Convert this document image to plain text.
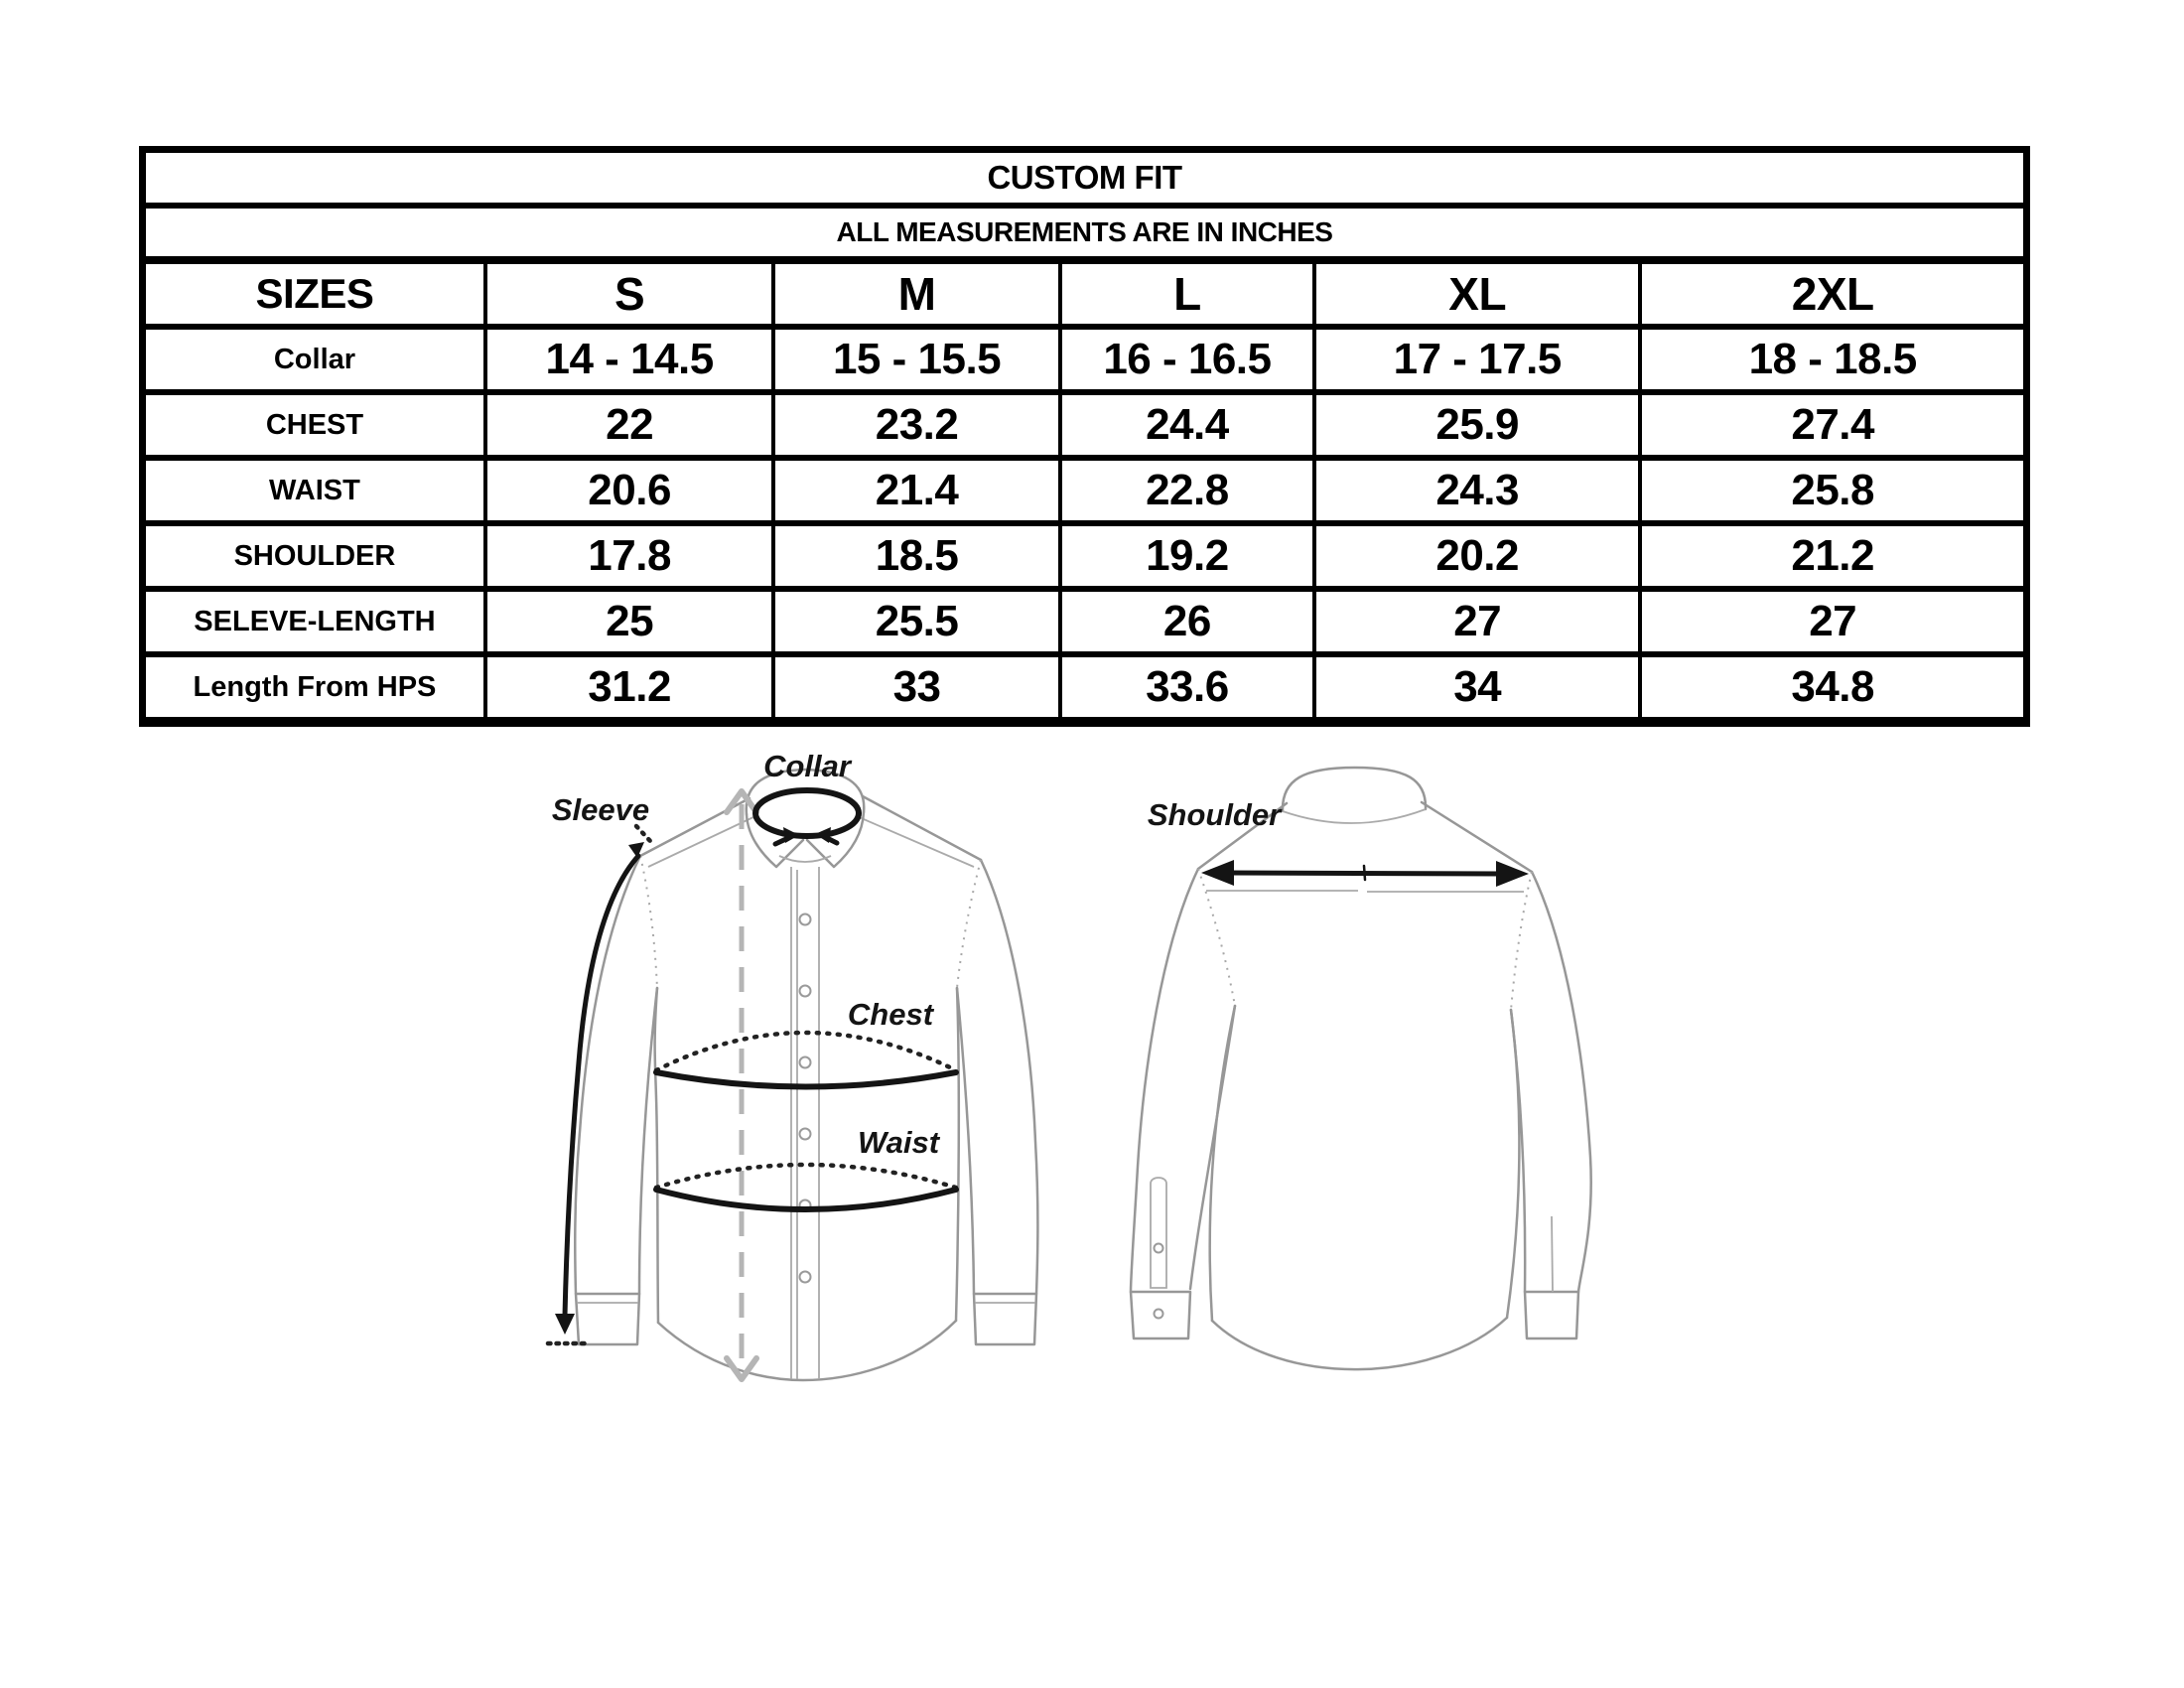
CUSTOM FIT					
ALL MEASUREMENTS ARE IN INCHES					
SIZES	S	M	L	XL	2XL
Collar	14 - 14.5	15 - 15.5	16 - 16.5	17 - 17.5	18 - 18.5
CHEST	22	23.2	24.4	25.9	27.4
WAIST	20.6	21.4	22.8	24.3	25.8
SHOULDER	17.8	18.5	19.2	20.2	21.2
SELEVE-LENGTH	25	25.5	26	27	27
Length From HPS	31.2	33	33.6	34	34.8
Collar
Sleeve
Chest
Waist
Shoulder
